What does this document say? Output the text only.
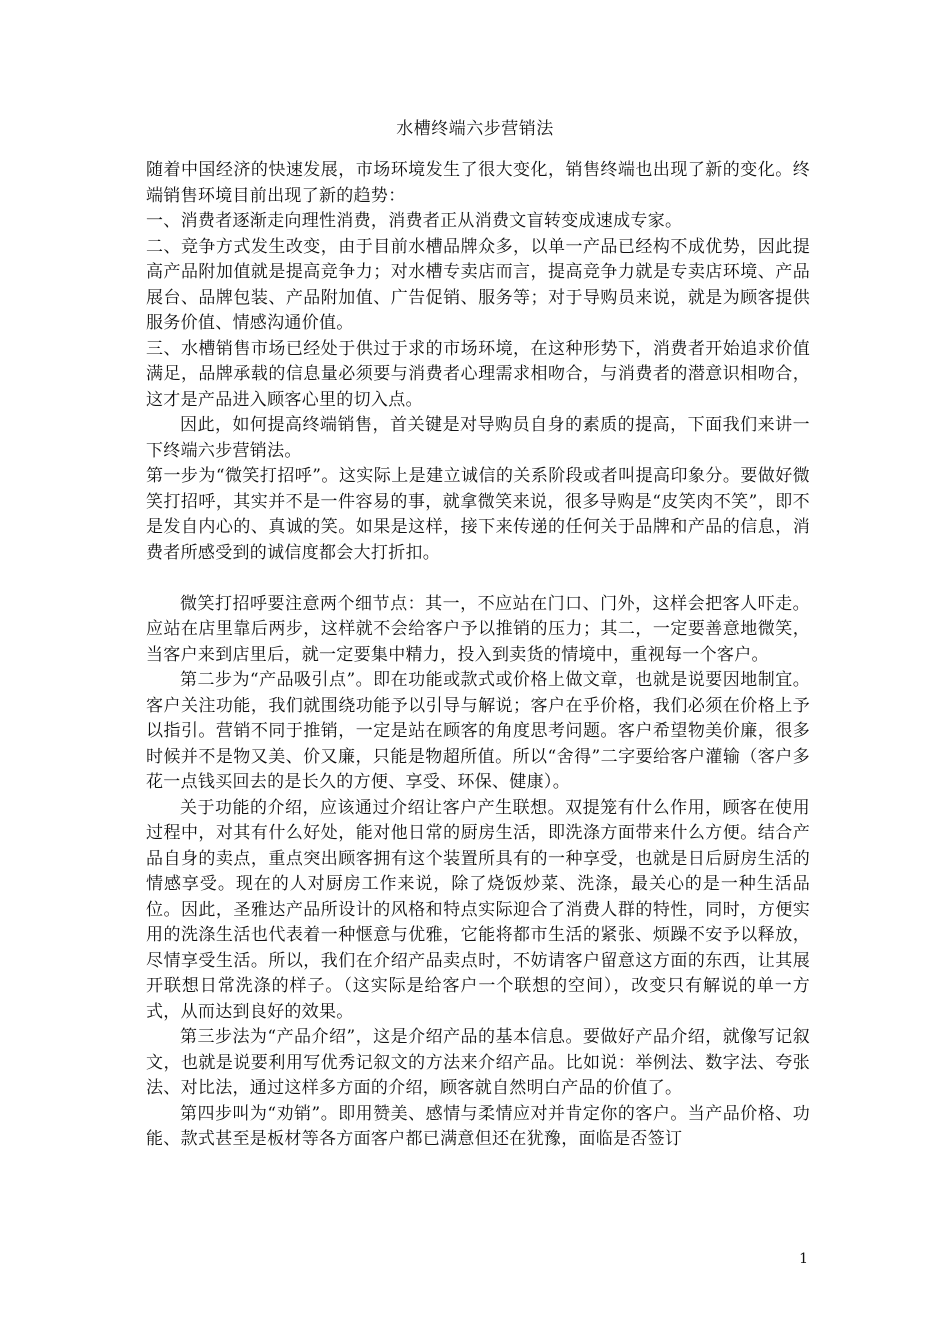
水槽终端六步营销法

随着中国经济的快速发展，市场环境发生了很大变化，销售终端也出现了新的变化。终端销售环境目前出现了新的趋势：

一、消费者逐渐走向理性消费，消费者正从消费文盲转变成速成专家。

二、竞争方式发生改变，由于目前水槽品牌众多，以单一产品已经构不成优势，因此提高产品附加值就是提高竞争力；对水槽专卖店而言，提高竞争力就是专卖店环境、产品展台、品牌包装、产品附加值、广告促销、服务等；对于导购员来说，就是为顾客提供服务价值、情感沟通价值。

三、水槽销售市场已经处于供过于求的市场环境，在这种形势下，消费者开始追求价值满足，品牌承载的信息量必须要与消费者心理需求相吻合，与消费者的潜意识相吻合，这才是产品进入顾客心里的切入点。

因此，如何提高终端销售，首关键是对导购员自身的素质的提高，下面我们来讲一下终端六步营销法。

第一步为“微笑打招呼”。这实际上是建立诚信的关系阶段或者叫提高印象分。要做好微笑打招呼，其实并不是一件容易的事，就拿微笑来说，很多导购是“皮笑肉不笑”，即不是发自内心的、真诚的笑。如果是这样，接下来传递的任何关于品牌和产品的信息，消费者所感受到的诚信度都会大打折扣。

微笑打招呼要注意两个细节点：其一，不应站在门口、门外，这样会把客人吓走。应站在店里靠后两步，这样就不会给客户予以推销的压力；其二，一定要善意地微笑，当客户来到店里后，就一定要集中精力，投入到卖货的情境中，重视每一个客户。

第二步为“产品吸引点”。即在功能或款式或价格上做文章，也就是说要因地制宜。客户关注功能，我们就围绕功能予以引导与解说；客户在乎价格，我们必须在价格上予以指引。营销不同于推销，一定是站在顾客的角度思考问题。客户希望物美价廉，很多时候并不是物又美、价又廉，只能是物超所值。所以“舍得”二字要给客户灌输（客户多花一点钱买回去的是长久的方便、享受、环保、健康）。

关于功能的介绍，应该通过介绍让客户产生联想。双提笼有什么作用，顾客在使用过程中，对其有什么好处，能对他日常的厨房生活，即洗涤方面带来什么方便。结合产品自身的卖点，重点突出顾客拥有这个装置所具有的一种享受，也就是日后厨房生活的情感享受。现在的人对厨房工作来说，除了烧饭炒菜、洗涤，最关心的是一种生活品位。因此，圣雅达产品所设计的风格和特点实际迎合了消费人群的特性，同时，方便实用的洗涤生活也代表着一种惬意与优雅，它能将都市生活的紧张、烦躁不安予以释放，尽情享受生活。所以，我们在介绍产品卖点时，不妨请客户留意这方面的东西，让其展开联想日常洗涤的样子。（这实际是给客户一个联想的空间），改变只有解说的单一方式，从而达到良好的效果。

第三步法为“产品介绍”，这是介绍产品的基本信息。要做好产品介绍，就像写记叙文，也就是说要利用写优秀记叙文的方法来介绍产品。比如说：举例法、数字法、夸张法、对比法，通过这样多方面的介绍，顾客就自然明白产品的价值了。

第四步叫为“劝销”。即用赞美、感情与柔情应对并肯定你的客户。当产品价格、功能、款式甚至是板材等各方面客户都已满意但还在犹豫，面临是否签订

1
